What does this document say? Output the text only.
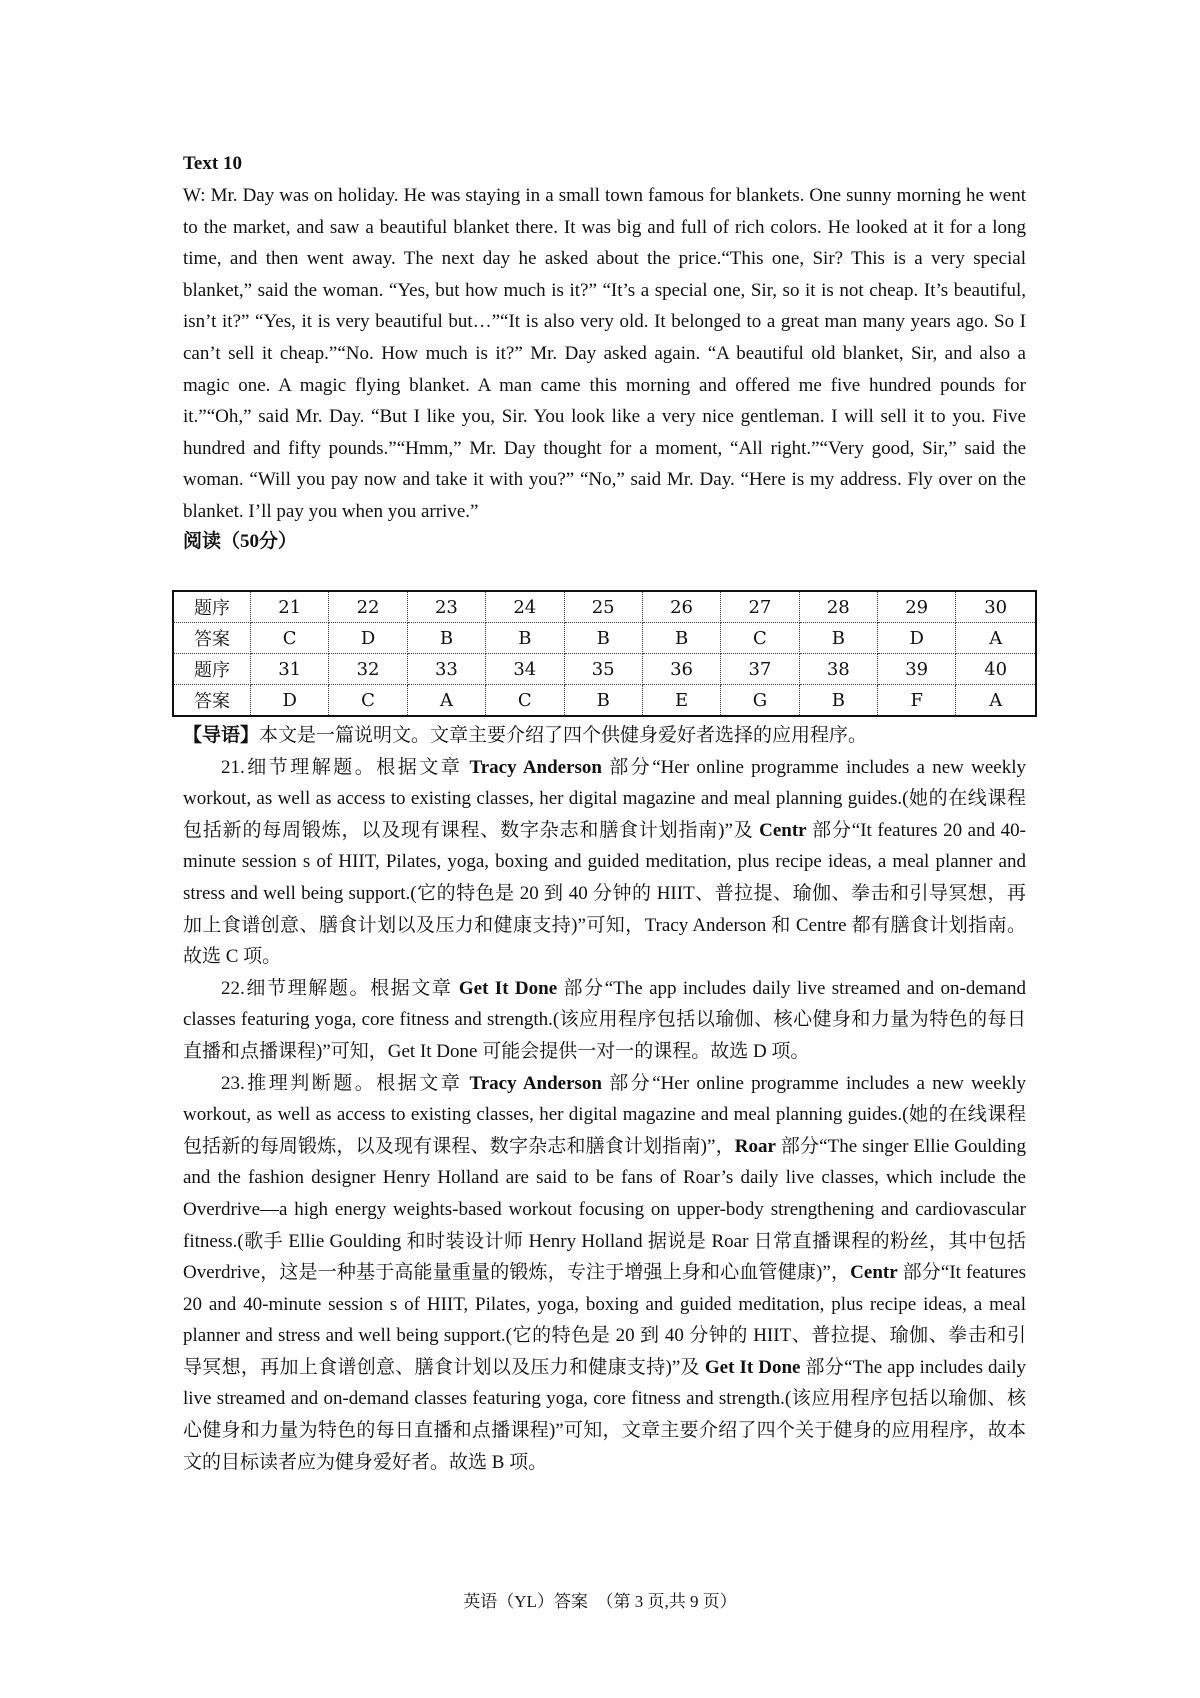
Text 10

W: Mr. Day was on holiday. He was staying in a small town famous for blankets. One sunny morning he went to the market, and saw a beautiful blanket there. It was big and full of rich colors. He looked at it for a long time, and then went away. The next day he asked about the price.“This one, Sir? This is a very special blanket,” said the woman. “Yes, but how much is it?” “It’s a special one, Sir, so it is not cheap. It’s beautiful, isn’t it?” “Yes, it is very beautiful but…”“It is also very old. It belonged to a great man many years ago. So I can’t sell it cheap.”“No. How much is it?” Mr. Day asked again. “A beautiful old blanket, Sir, and also a magic one. A magic flying blanket. A man came this morning and offered me five hundred pounds for it.”“Oh,” said Mr. Day. “But I like you, Sir. You look like a very nice gentleman. I will sell it to you. Five hundred and fifty pounds.”“Hmm,” Mr. Day thought for a moment, “All right.”“Very good, Sir,” said the woman. “Will you pay now and take it with you?” “No,” said Mr. Day. “Here is my address. Fly over on the blanket. I’ll pay you when you arrive.”

阅读（50分）
题序	21	22	23	24	25	26	27	28	29	30
答案	C	D	B	B	B	B	C	B	D	A
题序	31	32	33	34	35	36	37	38	39	40
答案	D	C	A	C	B	E	G	B	F	A

【导语】本文是一篇说明文。文章主要介绍了四个供健身爱好者选择的应用程序。

21.细节理解题。根据文章 Tracy Anderson 部分“Her online programme includes a new weekly workout, as well as access to existing classes, her digital magazine and meal planning guides.(她的在线课程包括新的每周锻炼，以及现有课程、数字杂志和膳食计划指南)”及 Centr 部分“It features 20 and 40-minute session s of HIIT, Pilates, yoga, boxing and guided meditation, plus recipe ideas, a meal planner and stress and well being support.(它的特色是 20 到 40 分钟的 HIIT、普拉提、瑜伽、拳击和引导冥想，再加上食谱创意、膳食计划以及压力和健康支持)”可知，Tracy Anderson 和 Centre 都有膳食计划指南。故选 C 项。

22.细节理解题。根据文章 Get It Done 部分“The app includes daily live streamed and on-demand classes featuring yoga, core fitness and strength.(该应用程序包括以瑜伽、核心健身和力量为特色的每日直播和点播课程)”可知，Get It Done 可能会提供一对一的课程。故选 D 项。

23.推理判断题。根据文章 Tracy Anderson 部分“Her online programme includes a new weekly workout, as well as access to existing classes, her digital magazine and meal planning guides.(她的在线课程包括新的每周锻炼，以及现有课程、数字杂志和膳食计划指南)”，Roar 部分“The singer Ellie Goulding and the fashion designer Henry Holland are said to be fans of Roar’s daily live classes, which include the Overdrive—a high energy weights-based workout focusing on upper-body strengthening and cardiovascular fitness.(歌手 Ellie Goulding 和时装设计师 Henry Holland 据说是 Roar 日常直播课程的粉丝，其中包括 Overdrive，这是一种基于高能量重量的锻炼，专注于增强上身和心血管健康)”，Centr 部分“It features 20 and 40-minute session s of HIIT, Pilates, yoga, boxing and guided meditation, plus recipe ideas, a meal planner and stress and well being support.(它的特色是 20 到 40 分钟的 HIIT、普拉提、瑜伽、拳击和引导冥想，再加上食谱创意、膳食计划以及压力和健康支持)”及 Get It Done 部分“The app includes daily live streamed and on-demand classes featuring yoga, core fitness and strength.(该应用程序包括以瑜伽、核心健身和力量为特色的每日直播和点播课程)”可知，文章主要介绍了四个关于健身的应用程序，故本文的目标读者应为健身爱好者。故选 B 项。

英语（YL）答案　（第 3 页,共 9 页）
